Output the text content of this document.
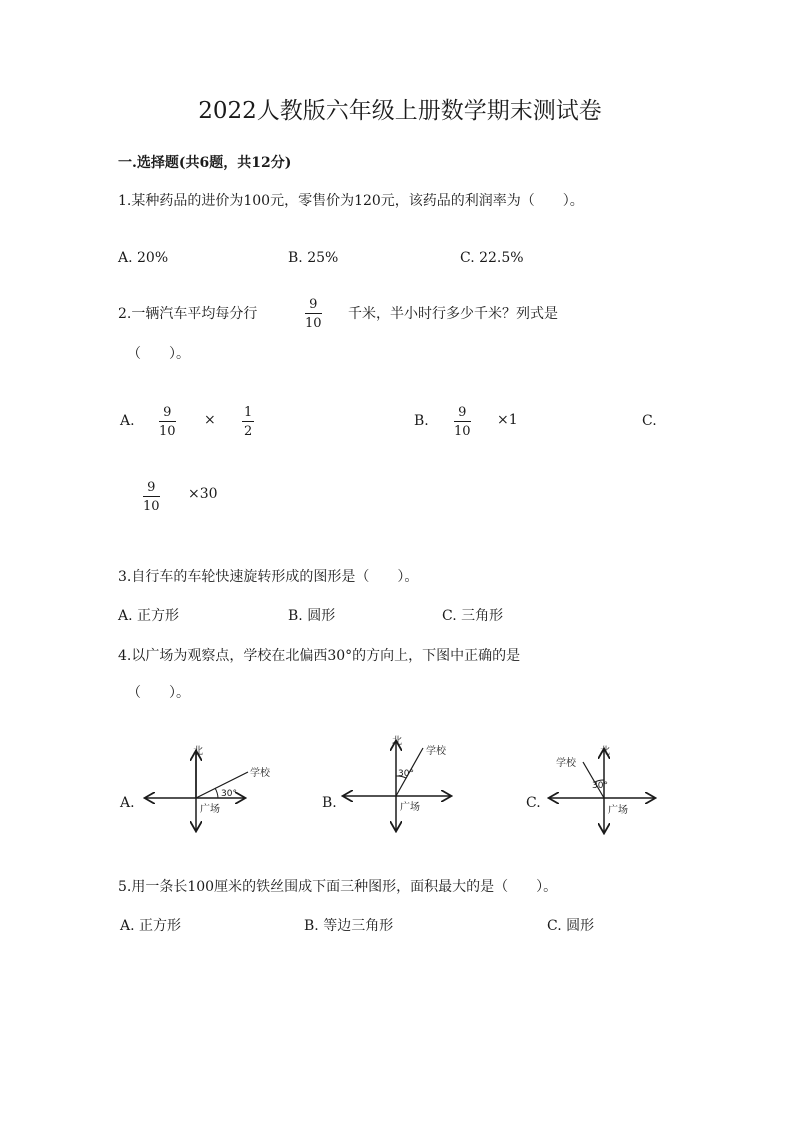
2022人教版六年级上册数学期末测试卷
一.选择题(共6题，共12分)
1.某种药品的进价为100元，零售价为120元，该药品的利润率为（　　）。
A. 20%	B. 25%	C. 22.5%
2.一辆汽车平均每分行
9
10
千米，半小时行多少千米？列式是
（　　）。
A.
9
10
× 1
2
B.
9
10
×1	C.
9
10
×30
3.自行车的车轮快速旋转形成的图形是（　　）。
A. 正方形	B. 圆形	C. 三角形
4.以广场为观察点，学校在北偏西30°的方向上，下图中正确的是
（　　）。
A.	B.	C.
北
学校
广场
30°
北
学校
广场
30°
北
学校
广场
30°
5.用一条长100厘米的铁丝围成下面三种图形，面积最大的是（　　）。
A. 正方形	B. 等边三角形	C. 圆形
